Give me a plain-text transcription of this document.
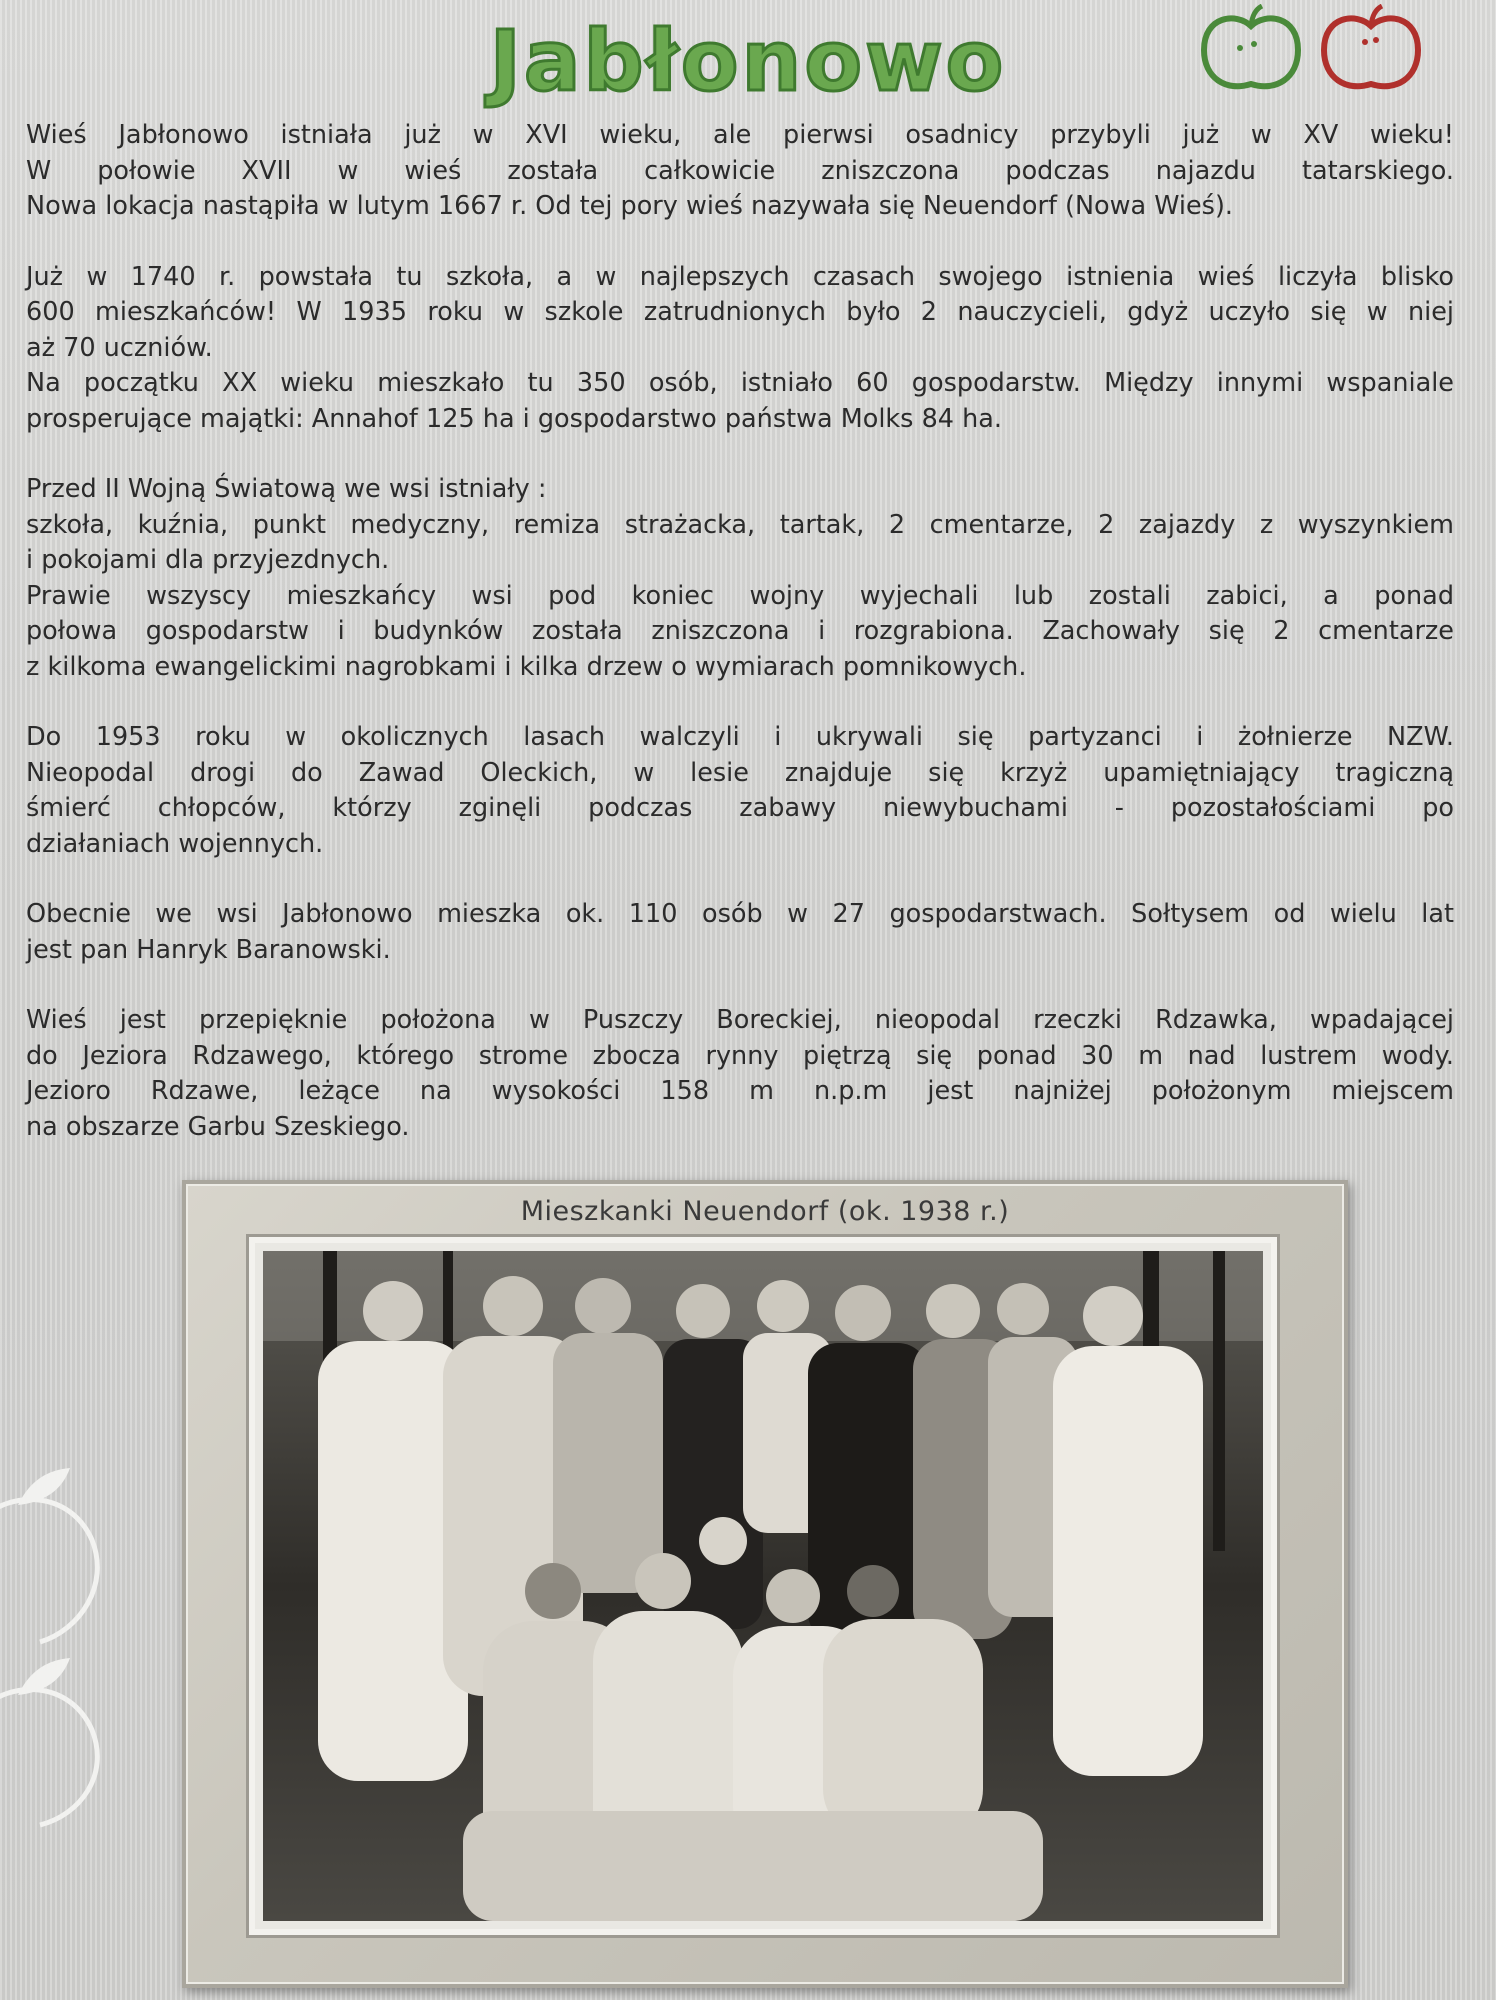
Jabłonowo

Wieś Jabłonowo istniała już w XVI wieku, ale pierwsi osadnicy przybyli już w XV wieku!
W połowie XVII w wieś została całkowicie zniszczona podczas najazdu tatarskiego.
Nowa lokacja nastąpiła w lutym 1667 r. Od tej pory wieś nazywała się Neuendorf (Nowa Wieś).

Już w 1740 r. powstała tu szkoła, a w najlepszych czasach swojego istnienia wieś liczyła blisko
600 mieszkańców! W 1935 roku w szkole zatrudnionych było 2 nauczycieli, gdyż uczyło się w niej
aż 70 uczniów.
Na początku XX wieku mieszkało tu 350 osób, istniało 60 gospodarstw. Między innymi wspaniale
prosperujące majątki: Annahof 125 ha i gospodarstwo państwa Molks 84 ha.

Przed II Wojną Światową we wsi istniały :
szkoła, kuźnia, punkt medyczny, remiza strażacka, tartak, 2 cmentarze, 2 zajazdy z wyszynkiem
i pokojami dla przyjezdnych.
Prawie wszyscy mieszkańcy wsi pod koniec wojny wyjechali lub zostali zabici, a ponad
połowa gospodarstw i budynków została zniszczona i rozgrabiona. Zachowały się 2 cmentarze
z kilkoma ewangelickimi nagrobkami i kilka drzew o wymiarach pomnikowych.

Do 1953 roku w okolicznych lasach walczyli i ukrywali się partyzanci i żołnierze NZW.
Nieopodal drogi do Zawad Oleckich, w lesie znajduje się krzyż upamiętniający tragiczną
śmierć chłopców, którzy zginęli podczas zabawy niewybuchami - pozostałościami po
działaniach wojennych.

Obecnie we wsi Jabłonowo mieszka ok. 110 osób w 27 gospodarstwach. Sołtysem od wielu lat
jest pan Hanryk Baranowski.

Wieś jest przepięknie położona w Puszczy Boreckiej, nieopodal rzeczki Rdzawka, wpadającej
do Jeziora Rdzawego, którego strome zbocza rynny piętrzą się ponad 30 m nad lustrem wody.
Jezioro Rdzawe, leżące na wysokości 158 m n.p.m jest najniżej położonym miejscem
na obszarze Garbu Szeskiego.

Mieszkanki Neuendorf (ok. 1938 r.)
